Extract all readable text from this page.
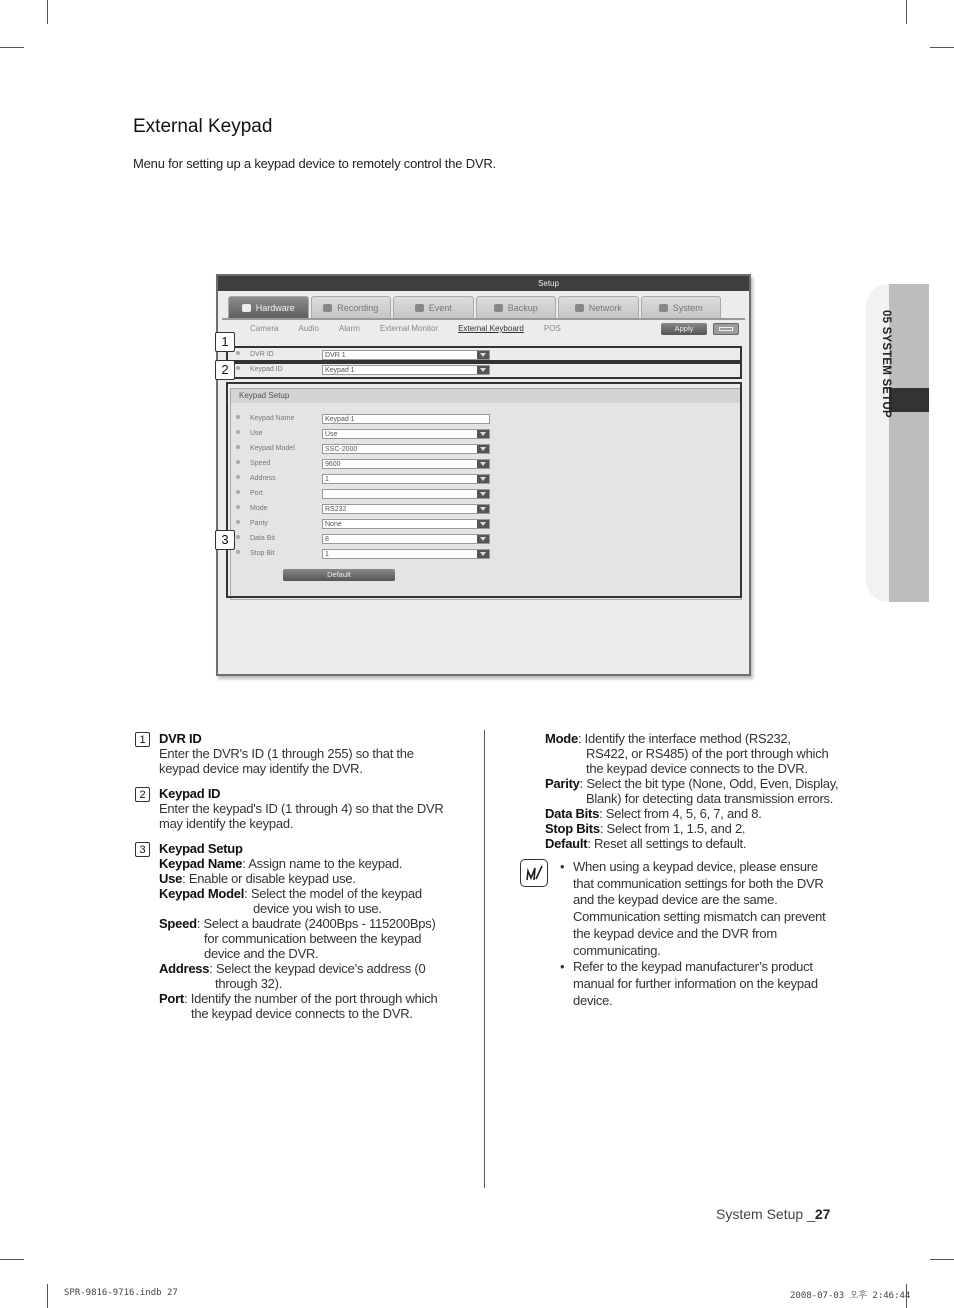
External Keypad
Menu for setting up a keypad device to remotely control the DVR.
05 SYSTEM SETUP
Setup
Hardware	Recording	Event	Backup	Network	System
Camera	Audio	Alarm	External Monitor	External Keyboard	POS	Apply
DVR ID	DVR 1
Keypad ID	Keypad 1
Keypad Setup
Keypad Name	Keypad 1
Use	Use
Keypad Model	SSC-2000
Speed	9600
Address	1
Port
Mode	RS232
Parity	None
Data Bit	8
Stop Bit	1
Default
1
2
3
1	DVR ID
Enter the DVR's ID (1 through 255) so that the keypad device may identify the DVR.
2	Keypad ID
Enter the keypad's ID (1 through 4) so that the DVR may identify the keypad.
3	Keypad Setup
Keypad Name: Assign name to the keypad.
Use: Enable or disable keypad use.
Keypad Model: Select the model of the keypad
device you wish to use.
Speed: Select a baudrate (2400Bps - 115200Bps)
for communication between the keypad
device and the DVR.
Address: Select the keypad device’s address (0
through 32).
Port: Identify the number of the port through which
the keypad device connects to the DVR.
Mode: Identify the interface method (RS232,
RS422, or RS485) of the port through which
the keypad device connects to the DVR.
Parity: Select the bit type (None, Odd, Even, Display,
Blank) for detecting data transmission errors.
Data Bits: Select from 4, 5, 6, 7, and 8.
Stop Bits: Select from 1, 1.5, and 2.
Default: Reset all settings to default.
• When using a keypad device, please ensure that communication settings for both the DVR and the keypad device are the same. Communication setting mismatch can prevent the keypad device and the DVR from communicating.
• Refer to the keypad manufacturer’s product manual for further information on the keypad device.
System Setup _27
SPR-9816-9716.indb 27	2008-07-03 오후 2:46:44
